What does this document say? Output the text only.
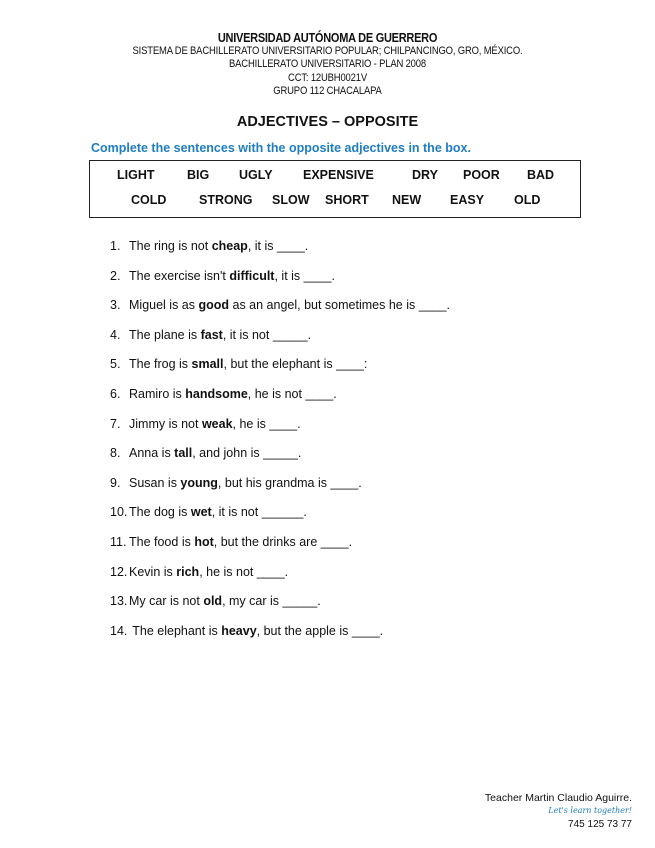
UNIVERSIDAD AUTÓNOMA DE GUERRERO
SISTEMA DE BACHILLERATO UNIVERSITARIO POPULAR; CHILPANCINGO, GRO, MÉXICO.
BACHILLERATO UNIVERSITARIO - PLAN 2008
CCT: 12UBH0021V
GRUPO 112 CHACALAPA
ADJECTIVES – OPPOSITE
Complete the sentences with the opposite adjectives in the box.
LIGHT	BIG UGLY EXPENSIVE	DRY POOR BAD
COLD	STRONG SLOW SHORT NEW EASY OLD
1. The ring is not cheap, it is ____.
2. The exercise isn't difficult, it is ____.
3. Miguel is as good as an angel, but sometimes he is ____.
4. The plane is fast, it is not _____.
5. The frog is small, but the elephant is ____:
6. Ramiro is handsome, he is not ____.
7. Jimmy is not weak, he is ____.
8. Anna is tall, and john is _____.
9. Susan is young, but his grandma is ____.
10. The dog is wet, it is not ______.
11. The food is hot, but the drinks are ____.
12. Kevin is rich, he is not ____.
13. My car is not old, my car is _____.
14. The elephant is heavy, but the apple is ____.
Teacher Martin Claudio Aguirre.
Let's learn together!
745 125 73 77
